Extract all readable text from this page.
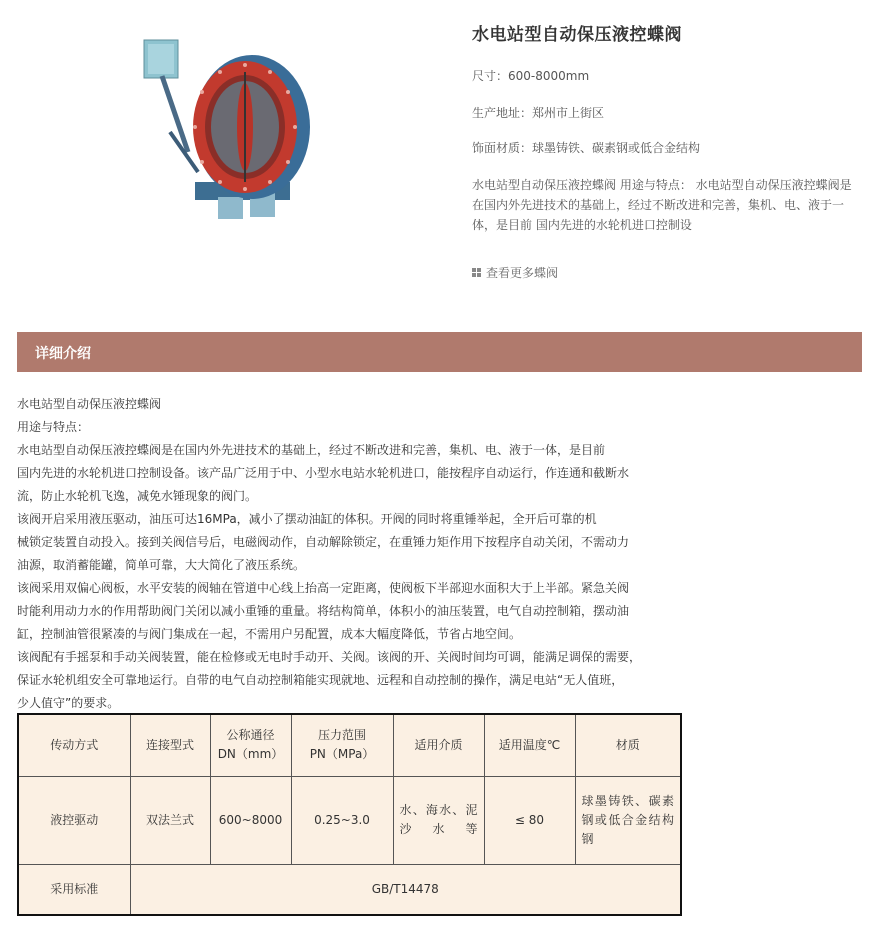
水电站型自动保压液控蝶阀
尺寸：600-8000mm
生产地址：郑州市上街区
饰面材质：球墨铸铁、碳素钢或低合金结构

水电站型自动保压液控蝶阀 用途与特点： 水电站型自动保压液控蝶阀是在国内外先进技术的基础上，经过不断改进和完善，集机、电、液于一体，是目前 国内先进的水轮机进口控制设

查看更多蝶阀
详细介绍

水电站型自动保压液控蝶阀

用途与特点：

水电站型自动保压液控蝶阀是在国内外先进技术的基础上，经过不断改进和完善，集机、电、液于一体，是目前

国内先进的水轮机进口控制设备。该产品广泛用于中、小型水电站水轮机进口，能按程序自动运行，作连通和截断水

流，防止水轮机飞逸，减免水锤现象的阀门。

该阀开启采用液压驱动，油压可达16MPa，减小了摆动油缸的体积。开阀的同时将重锤举起，全开后可靠的机

械锁定装置自动投入。接到关阀信号后，电磁阀动作，自动解除锁定，在重锤力矩作用下按程序自动关闭，不需动力

油源，取消蓄能罐，简单可靠，大大简化了液压系统。

该阀采用双偏心阀板，水平安装的阀轴在管道中心线上抬高一定距离，使阀板下半部迎水面积大于上半部。紧急关阀

时能利用动力水的作用帮助阀门关闭以减小重锤的重量。将结构简单，体积小的油压装置，电气自动控制箱，摆动油

缸，控制油管很紧凑的与阀门集成在一起，不需用户另配置，成本大幅度降低，节省占地空间。

该阀配有手摇泵和手动关阀装置，能在检修或无电时手动开、关阀。该阀的开、关阀时间均可调，能满足调保的需要，

保证水轮机组安全可靠地运行。自带的电气自动控制箱能实现就地、远程和自动控制的操作，满足电站“无人值班，

少人值守”的要求。

传动方式	连接型式	公称通径
DN（mm）	压力范围
PN（MPa）	适用介质	适用温度℃	材质
液控驱动	双法兰式	600~8000	0.25~3.0	水、海水、泥沙水等	≤ 80	球墨铸铁、碳素钢或低合金结构钢
采用标准	GB/T14478					
